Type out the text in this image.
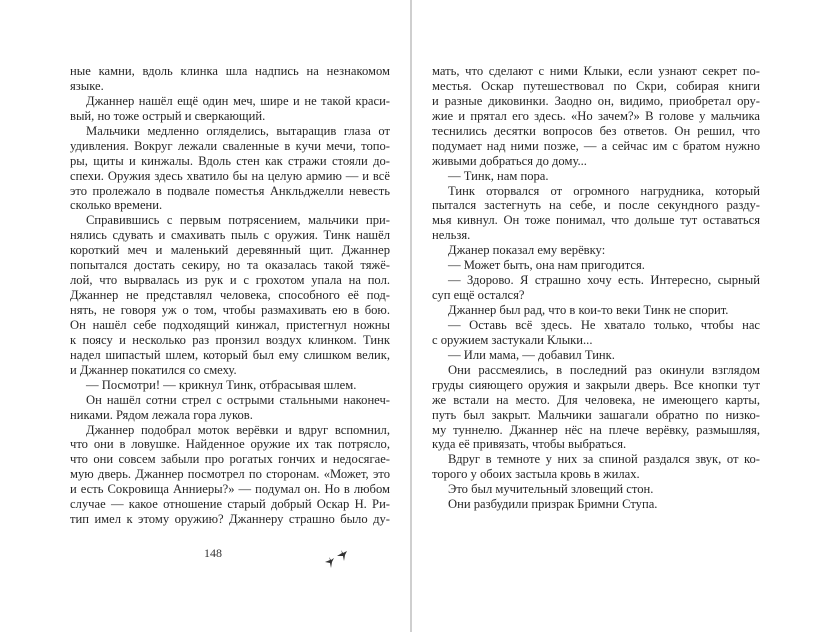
ные камни, вдоль клинка шла надпись на незнакомом
языке.
Джаннер нашёл ещё один меч, шире и не такой краси-
вый, но тоже острый и сверкающий.
Мальчики медленно огляделись, вытаращив глаза от
удивления. Вокруг лежали сваленные в кучи мечи, топо-
ры, щиты и кинжалы. Вдоль стен как стражи стояли до-
спехи. Оружия здесь хватило бы на целую армию — и всё
это пролежало в подвале поместья Анкльджелли невесть
сколько времени.
Справившись с первым потрясением, мальчики при-
нялись сдувать и смахивать пыль с оружия. Тинк нашёл
короткий меч и маленький деревянный щит. Джаннер
попытался достать секиру, но та оказалась такой тяжё-
лой, что вырвалась из рук и с грохотом упала на пол.
Джаннер не представлял человека, способного её под-
нять, не говоря уж о том, чтобы размахивать ею в бою.
Он нашёл себе подходящий кинжал, пристегнул ножны
к поясу и несколько раз пронзил воздух клинком. Тинк
надел шипастый шлем, который был ему слишком велик,
и Джаннер покатился со смеху.
— Посмотри! — крикнул Тинк, отбрасывая шлем.
Он нашёл сотни стрел с острыми стальными наконеч-
никами. Рядом лежала гора луков.
Джаннер подобрал моток верёвки и вдруг вспомнил,
что они в ловушке. Найденное оружие их так потрясло,
что они совсем забыли про рогатых гончих и недосягае-
мую дверь. Джаннер посмотрел по сторонам. «Может, это
и есть Сокровища Анниеры?» — подумал он. Но в любом
случае — какое отношение старый добрый Оскар Н. Ри-
тип имел к этому оружию? Джаннеру страшно было ду-
мать, что сделают с ними Клыки, если узнают секрет по-
местья. Оскар путешествовал по Скри, собирая книги
и разные диковинки. Заодно он, видимо, приобретал ору-
жие и прятал его здесь. «Но зачем?» В голове у мальчика
теснились десятки вопросов без ответов. Он решил, что
подумает над ними позже, — а сейчас им с братом нужно
живыми добраться до дому...
— Тинк, нам пора.
Тинк оторвался от огромного нагрудника, который
пытался застегнуть на себе, и после секундного разду-
мья кивнул. Он тоже понимал, что дольше тут оставаться
нельзя.
Джанер показал ему верёвку:
— Может быть, она нам пригодится.
— Здорово. Я страшно хочу есть. Интересно, сырный
суп ещё остался?
Джаннер был рад, что в кои-то веки Тинк не спорит.
— Оставь всё здесь. Не хватало только, чтобы нас
с оружием застукали Клыки...
— Или мама, — добавил Тинк.
Они рассмеялись, в последний раз окинули взглядом
груды сияющего оружия и закрыли дверь. Все кнопки тут
же встали на место. Для человека, не имеющего карты,
путь был закрыт. Мальчики зашагали обратно по низко-
му туннелю. Джаннер нёс на плече верёвку, размышляя,
куда её привязать, чтобы выбраться.
Вдруг в темноте у них за спиной раздался звук, от ко-
торого у обоих застыла кровь в жилах.
Это был мучительный зловещий стон.
Они разбудили призрак Бримни Ступа.
148
